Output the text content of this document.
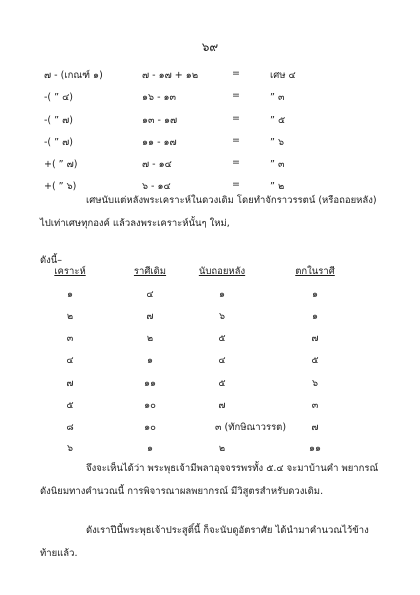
๖๙
๗ - (เกณฑ์ ๑)	๗ - ๑๗ + ๑๒	=	เศษ ๔
-( ” ๔)	๑๖ - ๑๓	=	” ๓
-( ” ๗)	๑๓ - ๑๗	=	” ๕
-( ” ๗)	๑๑ - ๑๗	=	” ๖
+( ” ๗)	๗ - ๑๔	=	” ๓
+( ” ๖)	๖ - ๑๔	=	” ๒

เศษนับแต่หลังพระเคราะห์ในดวงเดิม โดยทำจักราวรรตน์ (หรือถอยหลัง) ไปเท่าเศษทุกองค์ แล้วลงพระเคราะห์นั้นๆ ใหม่,

ดังนี้–

เคราะห์	ราศีเดิม	นับถอยหลัง	ตกในราศี
๑	๔	๑	๑
๒	๗	๖	๑
๓	๒	๕	๗
๔	๑	๔	๕
๗	๑๑	๕	๖
๕	๑๐	๗	๓
๘	๑๐	๓ (ทักษิณาวรรต)	๗
๖	๑	๒	๑๑

จึงจะเห็นได้ว่า พระพุธเจ้ามีพลาอุจจรรพรทั้ง ๕.๔ จะมาบ้านคำ พยากรณ์ ดังนิยมทางคำนวณนี้ การพิจารณาผลพยากรณ์ มีวิสูตรสำหรับดวงเดิม.

ดังเราปีนี้พระพุธเจ้าประสูติ์นี้ ก็จะนับดูอัตราศัย ได้นำมาคำนวณไว้ข้างท้ายแล้ว.
